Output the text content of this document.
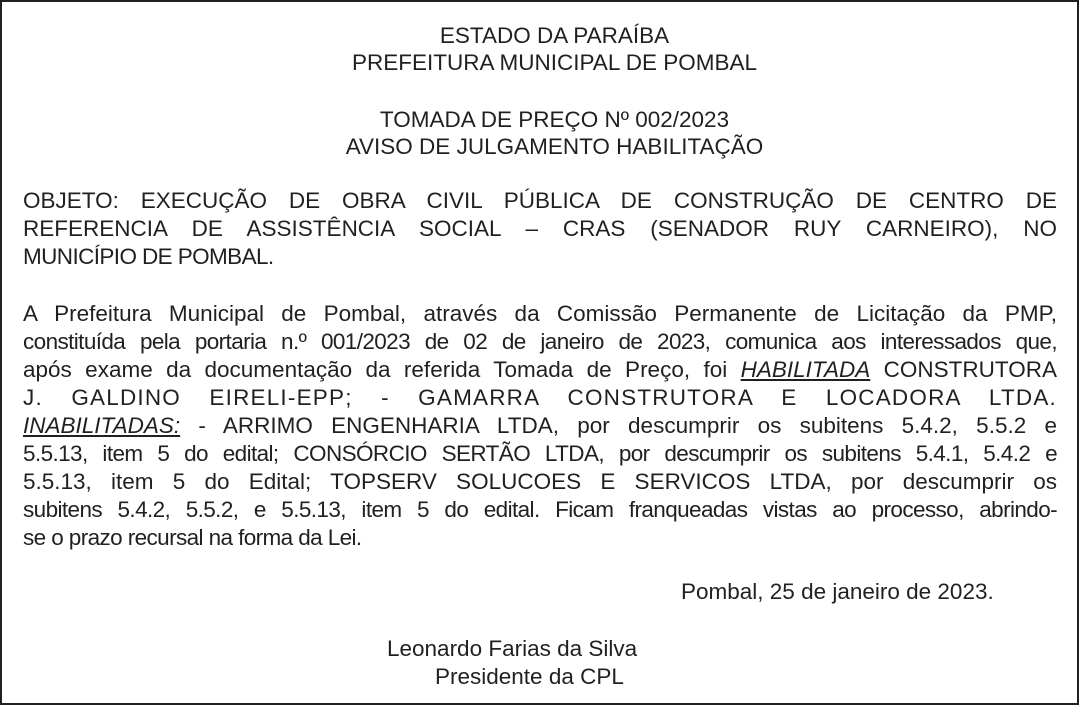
ESTADO DA PARAÍBA
PREFEITURA MUNICIPAL DE POMBAL
TOMADA DE PREÇO Nº 002/2023
AVISO DE JULGAMENTO HABILITAÇÃO
OBJETO: EXECUÇÃO DE OBRA CIVIL PÚBLICA DE CONSTRUÇÃO DE CENTRO DE
REFERENCIA DE ASSISTÊNCIA SOCIAL – CRAS (SENADOR RUY CARNEIRO), NO
MUNICÍPIO DE POMBAL.
A Prefeitura Municipal de Pombal, através da Comissão Permanente de Licitação da PMP,
constituída pela portaria n.º 001/2023 de 02 de janeiro de 2023, comunica aos interessados que,
após exame da documentação da referida Tomada de Preço, foi HABILITADA CONSTRUTORA
J. GALDINO EIRELI-EPP; - GAMARRA CONSTRUTORA E LOCADORA LTDA.
INABILITADAS: - ARRIMO ENGENHARIA LTDA, por descumprir os subitens 5.4.2, 5.5.2 e
5.5.13, item 5 do edital; CONSÓRCIO SERTÃO LTDA, por descumprir os subitens 5.4.1, 5.4.2 e
5.5.13, item 5 do Edital; TOPSERV SOLUCOES E SERVICOS LTDA, por descumprir os
subitens 5.4.2, 5.5.2, e 5.5.13, item 5 do edital. Ficam franqueadas vistas ao processo, abrindo-
se o prazo recursal na forma da Lei.
Pombal, 25 de janeiro de 2023.
Leonardo Farias da Silva
Presidente da CPL
